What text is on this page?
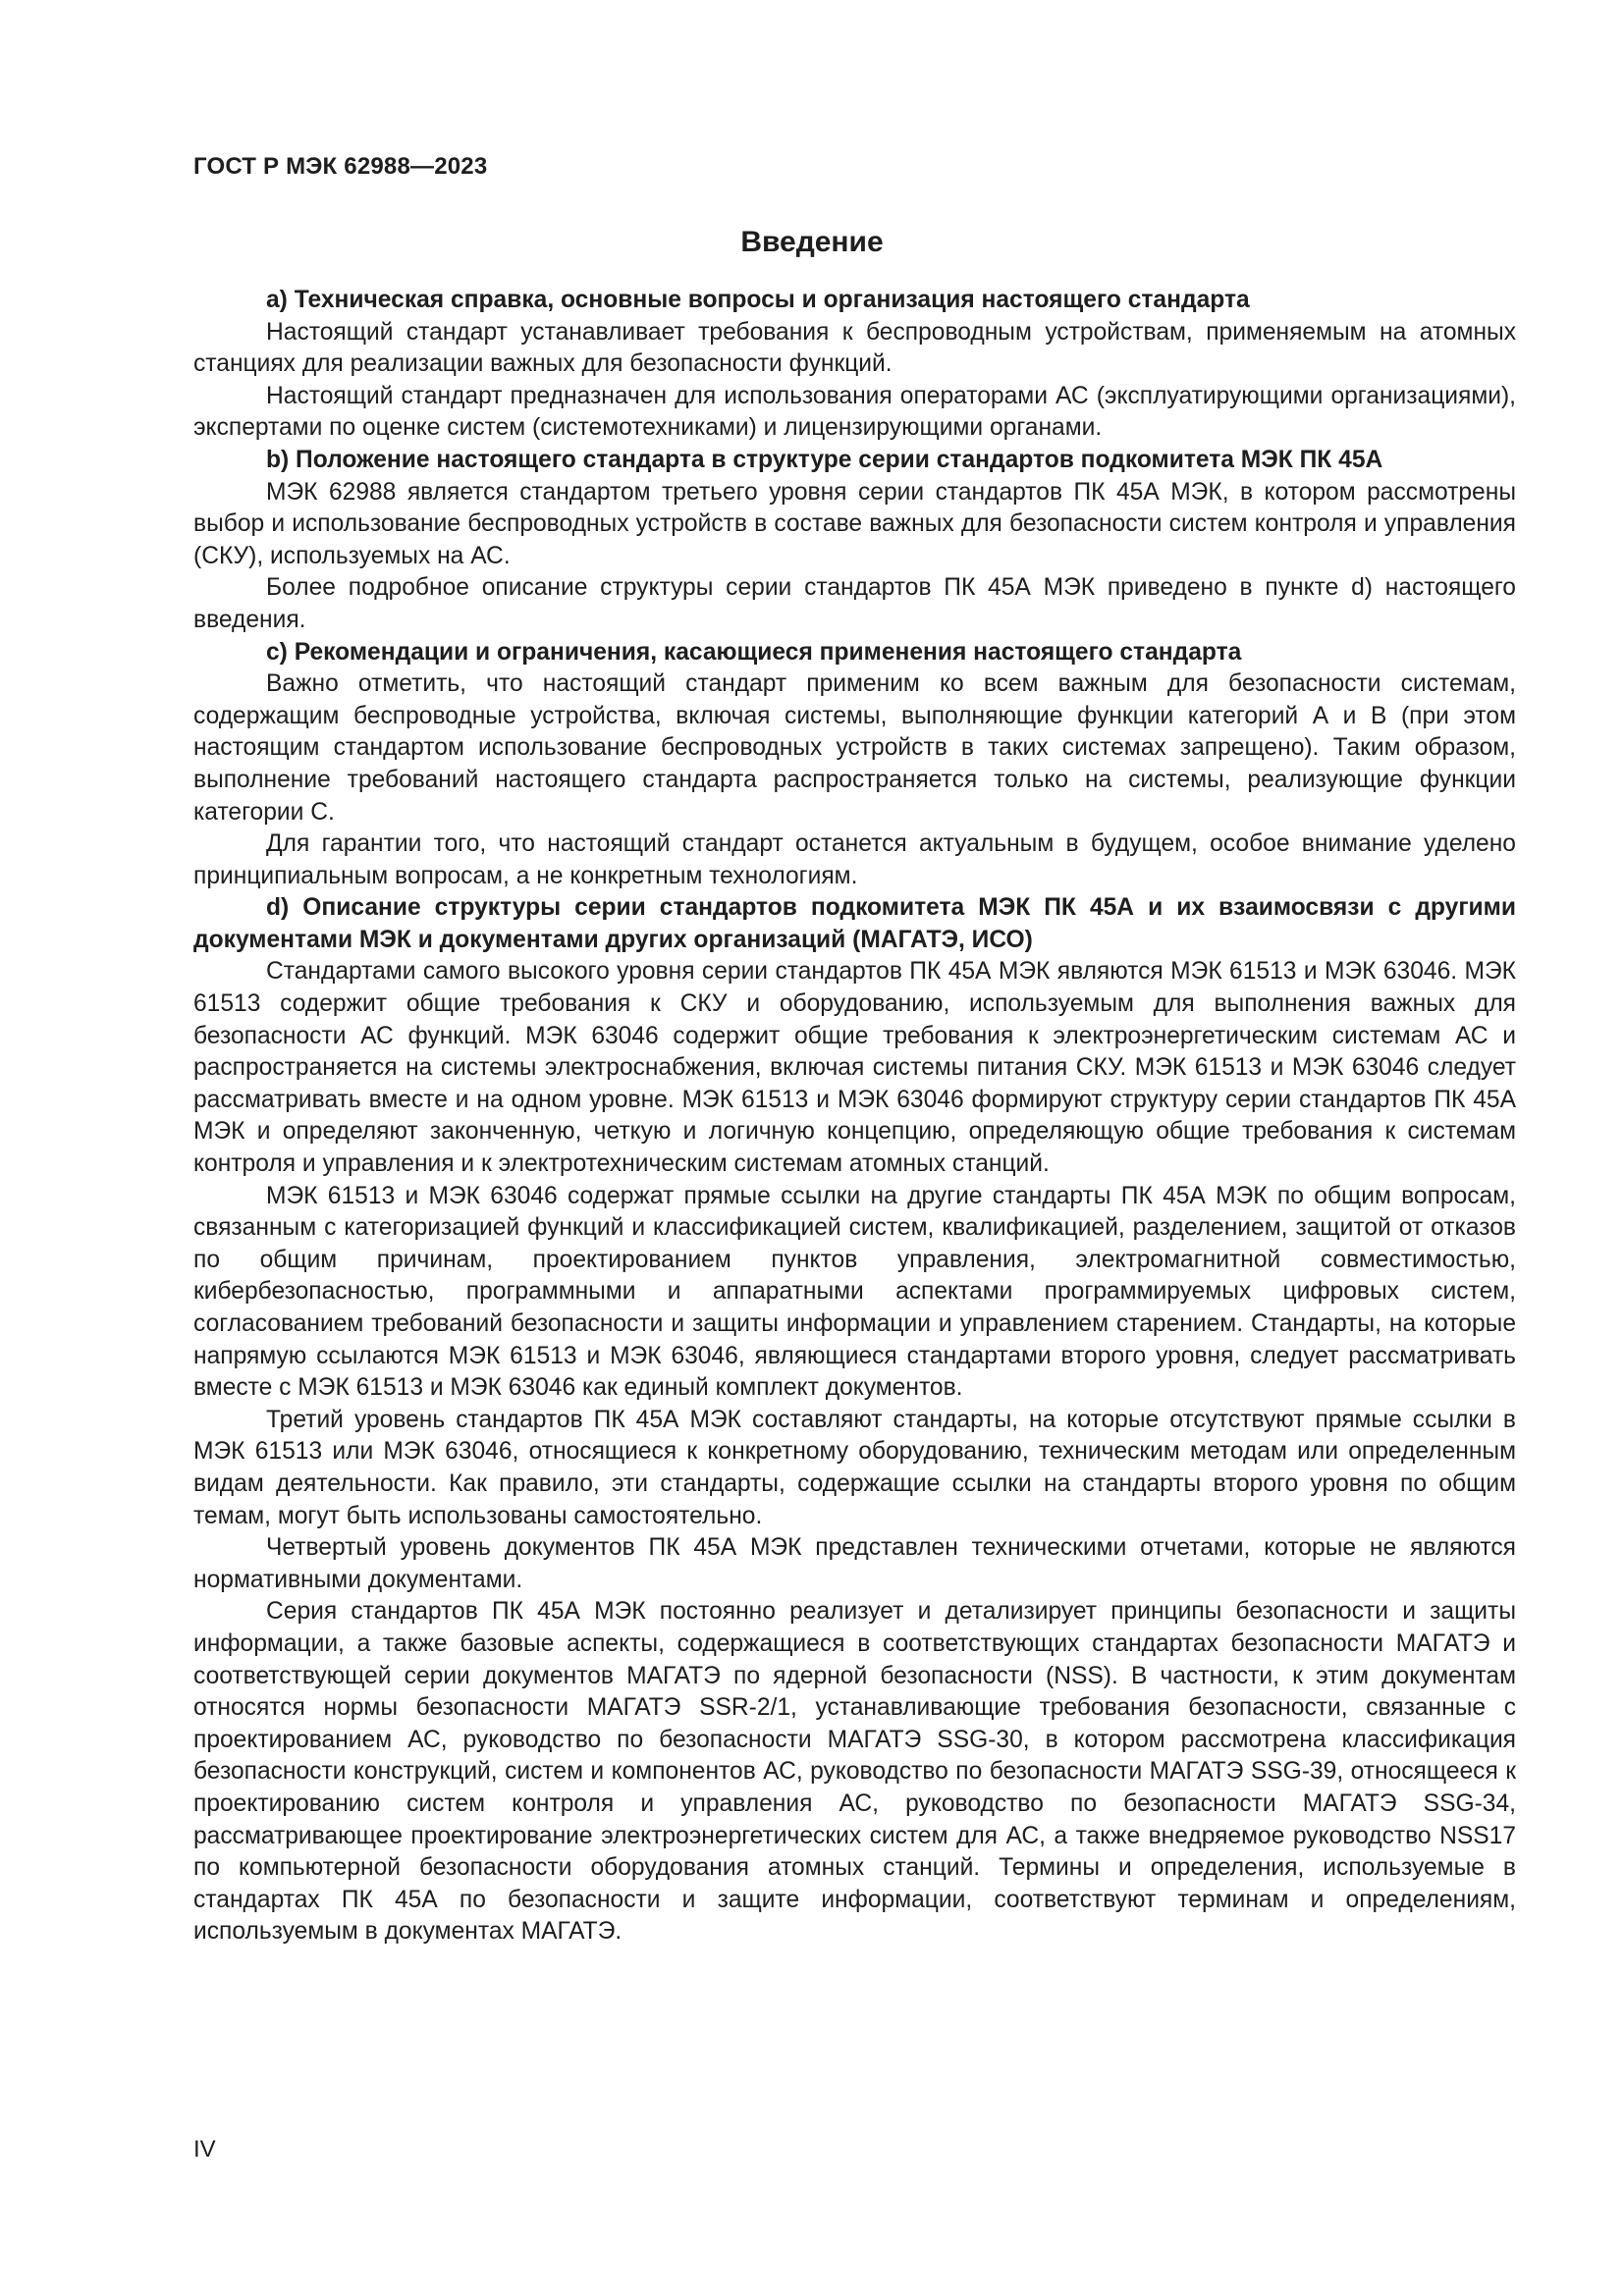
ГОСТ Р МЭК 62988—2023
Введение

a) Техническая справка, основные вопросы и организация настоящего стандарта

Настоящий стандарт устанавливает требования к беспроводным устройствам, применяемым на атомных станциях для реализации важных для безопасности функций.

Настоящий стандарт предназначен для использования операторами АС (эксплуатирующими организациями), экспертами по оценке систем (системотехниками) и лицензирующими органами.

b) Положение настоящего стандарта в структуре серии стандартов подкомитета МЭК ПК 45А

МЭК 62988 является стандартом третьего уровня серии стандартов ПК 45А МЭК, в котором рассмотрены выбор и использование беспроводных устройств в составе важных для безопасности систем контроля и управления (СКУ), используемых на АС.

Более подробное описание структуры серии стандартов ПК 45А МЭК приведено в пункте d) настоящего введения.

c) Рекомендации и ограничения, касающиеся применения настоящего стандарта

Важно отметить, что настоящий стандарт применим ко всем важным для безопасности системам, содержащим беспроводные устройства, включая системы, выполняющие функции категорий А и В (при этом настоящим стандартом использование беспроводных устройств в таких системах запрещено). Таким образом, выполнение требований настоящего стандарта распространяется только на системы, реализующие функции категории С.

Для гарантии того, что настоящий стандарт останется актуальным в будущем, особое внимание уделено принципиальным вопросам, а не конкретным технологиям.

d) Описание структуры серии стандартов подкомитета МЭК ПК 45А и их взаимосвязи с другими документами МЭК и документами других организаций (МАГАТЭ, ИСО)

Стандартами самого высокого уровня серии стандартов ПК 45А МЭК являются МЭК 61513 и МЭК 63046. МЭК 61513 содержит общие требования к СКУ и оборудованию, используемым для выполнения важных для безопасности АС функций. МЭК 63046 содержит общие требования к электроэнергетическим системам АС и распространяется на системы электроснабжения, включая системы питания СКУ. МЭК 61513 и МЭК 63046 следует рассматривать вместе и на одном уровне. МЭК 61513 и МЭК 63046 формируют структуру серии стандартов ПК 45А МЭК и определяют законченную, четкую и логичную концепцию, определяющую общие требования к системам контроля и управления и к электротехническим системам атомных станций.

МЭК 61513 и МЭК 63046 содержат прямые ссылки на другие стандарты ПК 45А МЭК по общим вопросам, связанным с категоризацией функций и классификацией систем, квалификацией, разделением, защитой от отказов по общим причинам, проектированием пунктов управления, электромагнитной совместимостью, кибербезопасностью, программными и аппаратными аспектами программируемых цифровых систем, согласованием требований безопасности и защиты информации и управлением старением. Стандарты, на которые напрямую ссылаются МЭК 61513 и МЭК 63046, являющиеся стандартами второго уровня, следует рассматривать вместе с МЭК 61513 и МЭК 63046 как единый комплект документов.

Третий уровень стандартов ПК 45А МЭК составляют стандарты, на которые отсутствуют прямые ссылки в МЭК 61513 или МЭК 63046, относящиеся к конкретному оборудованию, техническим методам или определенным видам деятельности. Как правило, эти стандарты, содержащие ссылки на стандарты второго уровня по общим темам, могут быть использованы самостоятельно.

Четвертый уровень документов ПК 45А МЭК представлен техническими отчетами, которые не являются нормативными документами.

Серия стандартов ПК 45А МЭК постоянно реализует и детализирует принципы безопасности и защиты информации, а также базовые аспекты, содержащиеся в соответствующих стандартах безопасности МАГАТЭ и соответствующей серии документов МАГАТЭ по ядерной безопасности (NSS). В частности, к этим документам относятся нормы безопасности МАГАТЭ SSR-2/1, устанавливающие требования безопасности, связанные с проектированием АС, руководство по безопасности МАГАТЭ SSG-30, в котором рассмотрена классификация безопасности конструкций, систем и компонентов АС, руководство по безопасности МАГАТЭ SSG-39, относящееся к проектированию систем контроля и управления АС, руководство по безопасности МАГАТЭ SSG-34, рассматривающее проектирование электроэнергетических систем для АС, а также внедряемое руководство NSS17 по компьютерной безопасности оборудования атомных станций. Термины и определения, используемые в стандартах ПК 45А по безопасности и защите информации, соответствуют терминам и определениям, используемым в документах МАГАТЭ.

IV
